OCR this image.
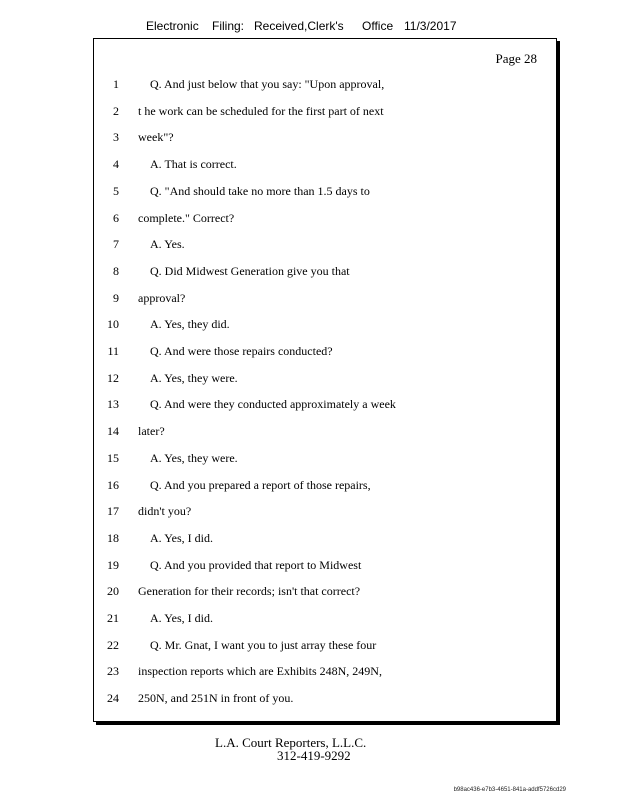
Electronic Filing: Received,Clerk's Office 11/3/2017
Page 28
1	Q. And just below that you say: "Upon approval,
2 t he work can be scheduled for the first part of next
3 week"?
4	A. That is correct.
5	Q. "And should take no more than 1.5 days to
6 complete." Correct?
7	A. Yes.
8	Q. Did Midwest Generation give you that
9 approval?
10	A. Yes, they did.
11	Q. And were those repairs conducted?
12	A. Yes, they were.
13	Q. And were they conducted approximately a week
14 later?
15	A. Yes, they were.
16	Q. And you prepared a report of those repairs,
17 didn't you?
18	A. Yes, I did.
19	Q. And you provided that report to Midwest
20 Generation for their records; isn't that correct?
21	A. Yes, I did.
22	Q. Mr. Gnat, I want you to just array these four
23 inspection reports which are Exhibits 248N, 249N,
24 250N, and 251N in front of you.
L.A. Court Reporters, L.L.C.
312-419-9292
b98ac436-e7b3-4651-841a-addf5726cd29
